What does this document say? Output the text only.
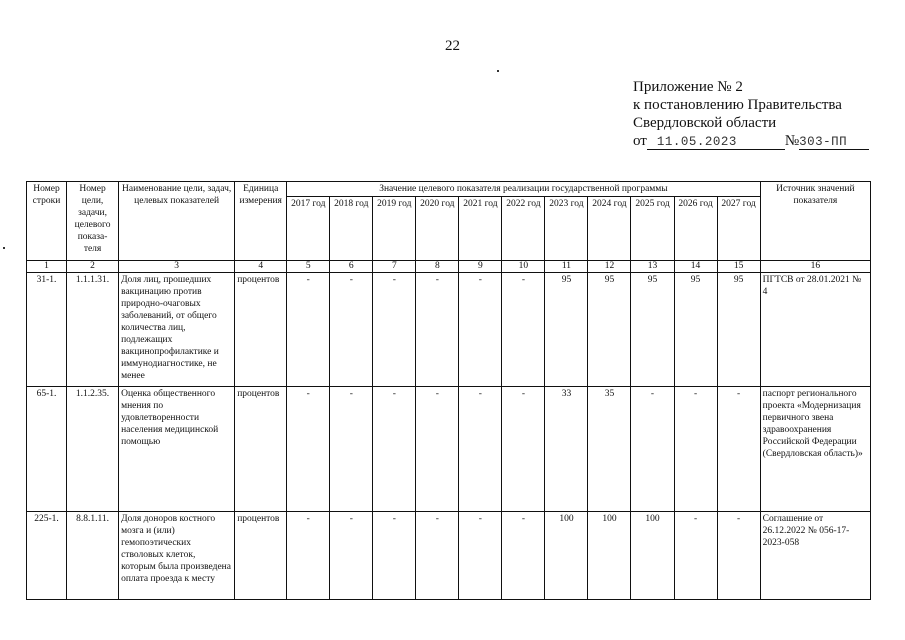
22
Приложение № 2
к постановлению Правительства
Свердловской области
от 11.05.2023	№303-ПП
Номер строки	Номер цели, задачи, целевого показа-теля	Наименование цели, задач, целевых показателей	Единица измерения	Значение целевого показателя реализации государственной программы											Источник значений показателя
				2017 год	2018 год	2019 год	2020 год	2021 год	2022 год	2023 год	2024 год	2025 год	2026 год	2027 год	
1	2	3	4	5	6	7	8	9	10	11	12	13	14	15	16
31-1.	1.1.1.31.	Доля лиц, прошедших вакцинацию против природно-очаговых заболеваний, от общего количества лиц, подлежащих вакцинопрофилактике и иммунодиагностике, не менее	процентов	-	-	-	-	-	-	95	95	95	95	95	ПГТСВ от 28.01.2021 № 4
65-1.	1.1.2.35.	Оценка общественного мнения по удовлетворенности населения медицинской помощью	процентов	-	-	-	-	-	-	33	35	-	-	-	паспорт регионального проекта «Модернизация первичного звена здравоохранения Российской Федерации (Свердловская область)»
225-1.	8.8.1.11.	Доля доноров костного мозга и (или) гемопоэтических стволовых клеток, которым была произведена оплата проезда к месту	процентов	-	-	-	-	-	-	100	100	100	-	-	Соглашение от 26.12.2022 № 056-17-2023-058
